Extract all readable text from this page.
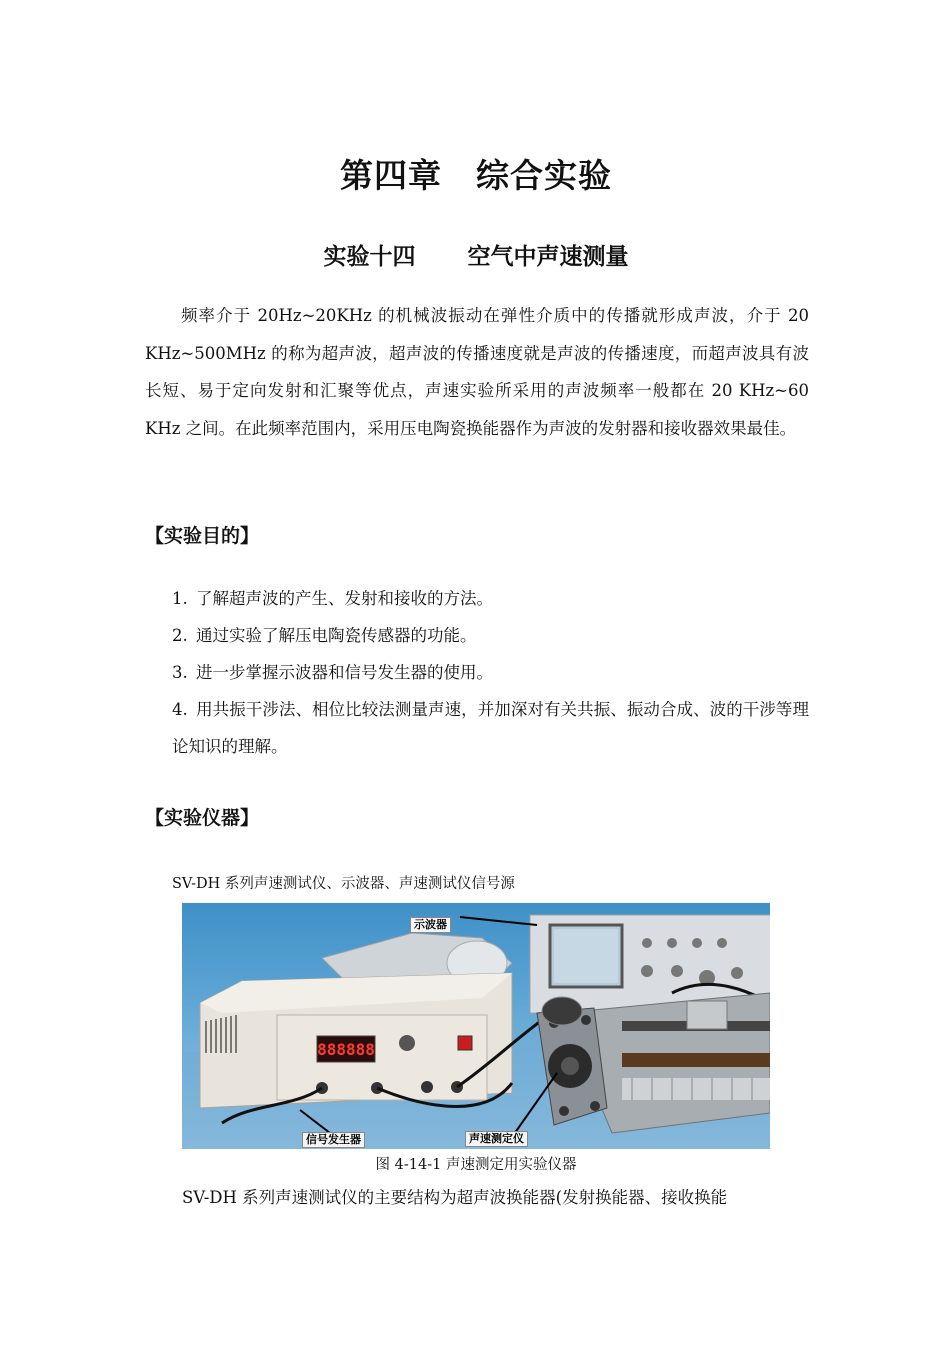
第四章　综合实验
实验十四 空气中声速测量

频率介于 20Hz~20KHz 的机械波振动在弹性介质中的传播就形成声波，介于 20 KHz~500MHz 的称为超声波，超声波的传播速度就是声波的传播速度，而超声波具有波长短、易于定向发射和汇聚等优点，声速实验所采用的声波频率一般都在 20 KHz~60 KHz 之间。在此频率范围内，采用压电陶瓷换能器作为声波的发射器和接收器效果最佳。

【实验目的】
1. 了解超声波的产生、发射和接收的方法。
2. 通过实验了解压电陶瓷传感器的功能。
3. 进一步掌握示波器和信号发生器的使用。
4. 用共振干涉法、相位比较法测量声速，并加深对有关共振、振动合成、波的干涉等理论知识的理解。
【实验仪器】
SV-DH 系列声速测试仪、示波器、声速测试仪信号源
888888
示波器
信号发生器	声速测定仪
图 4-14-1 声速测定用实验仪器
SV-DH 系列声速测试仪的主要结构为超声波换能器(发射换能器、接收换能
